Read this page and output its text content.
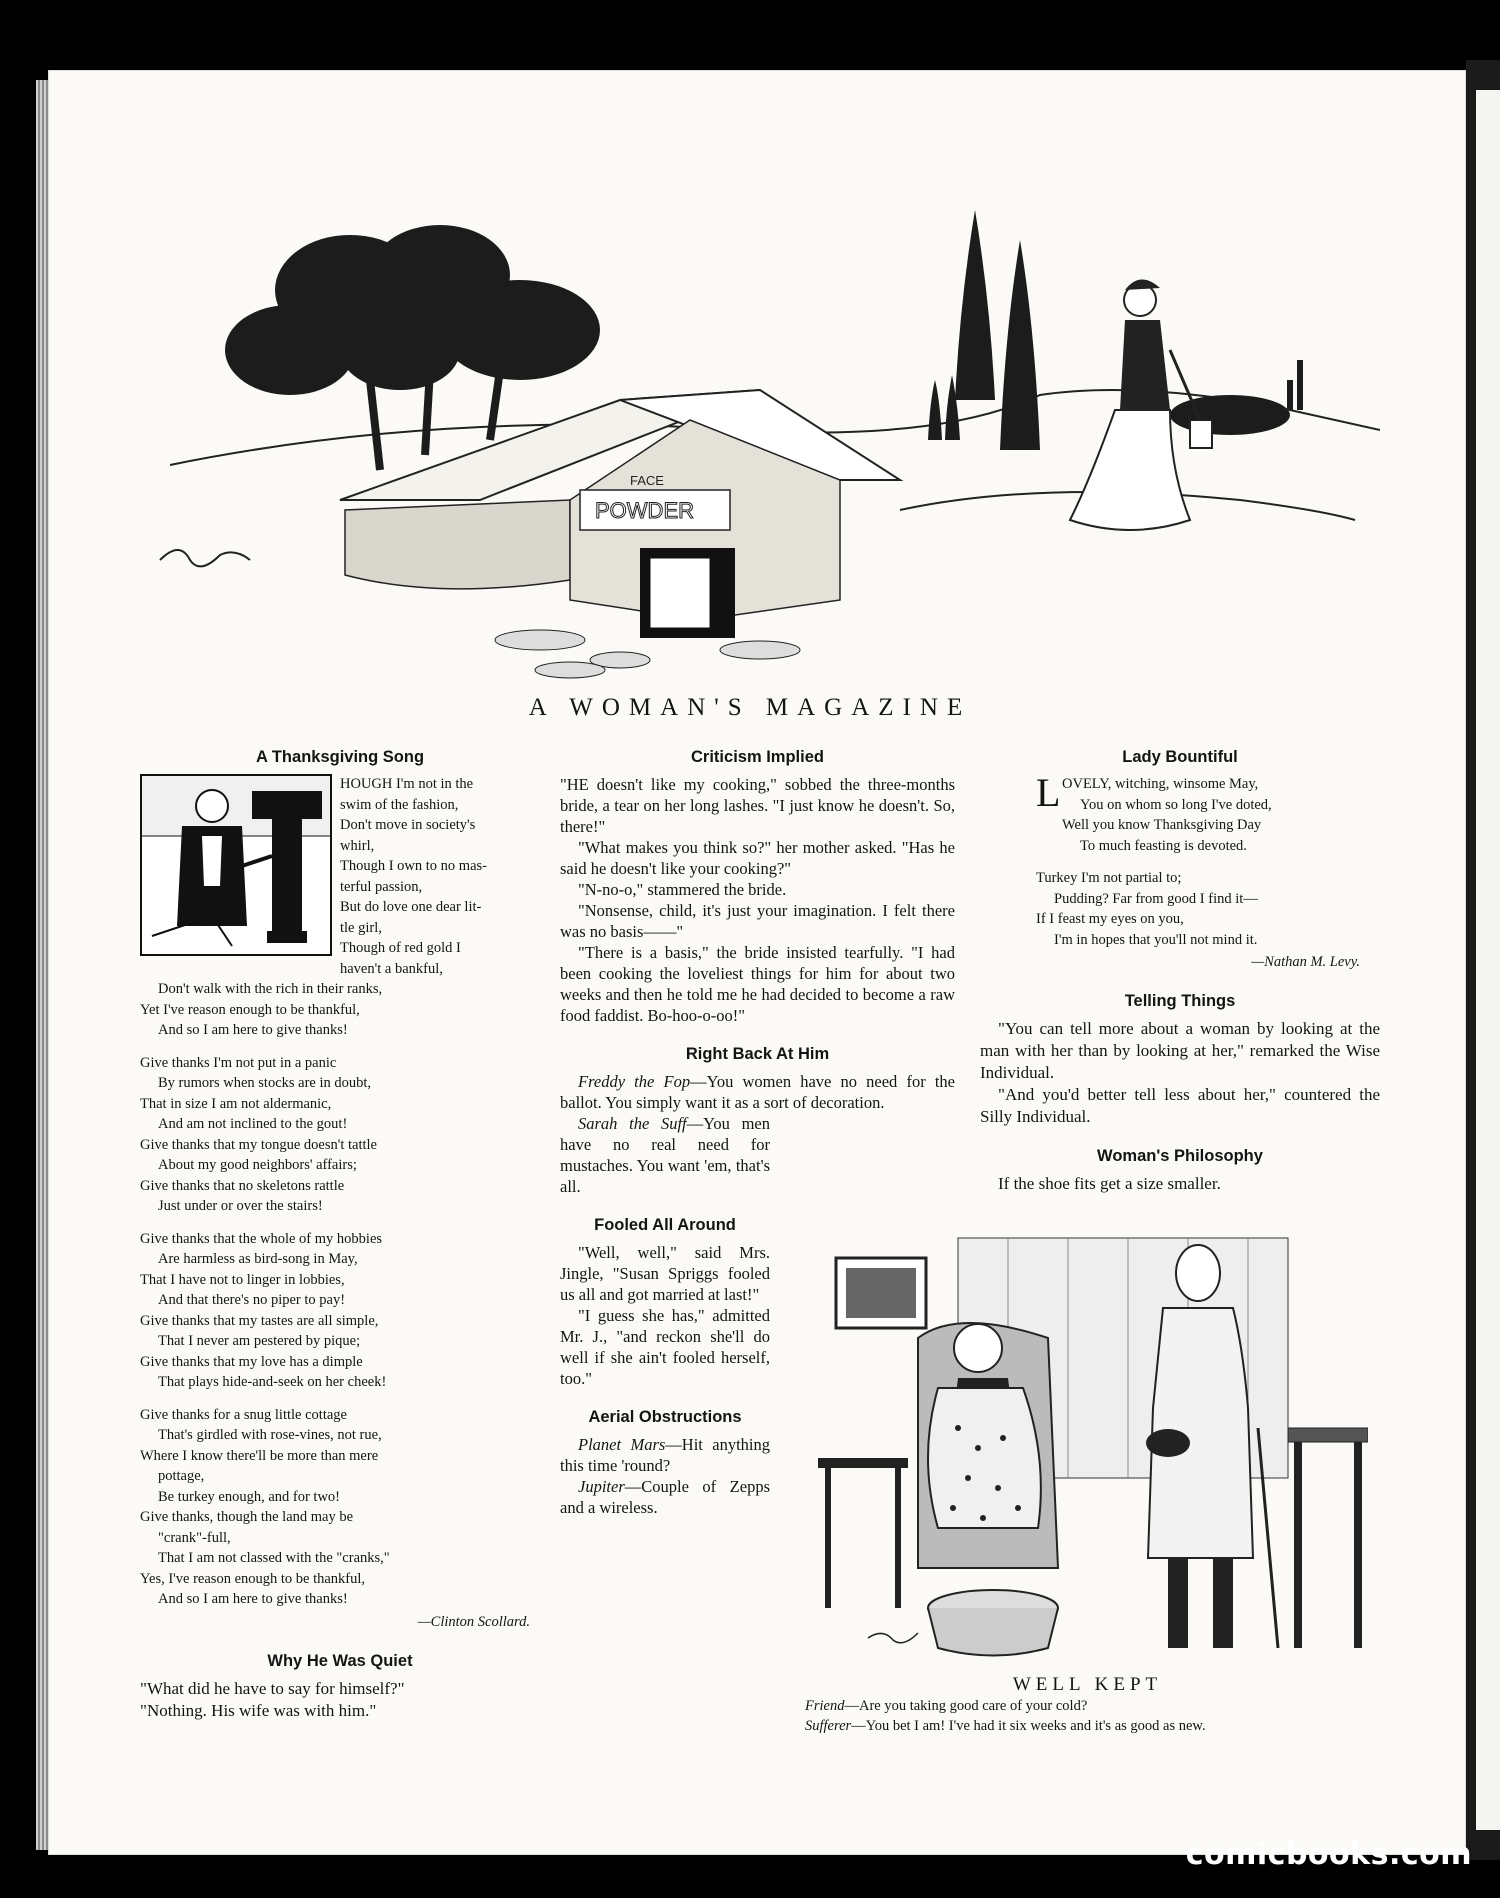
FACE
POWDER
A WOMAN'S MAGAZINE
A Thanksgiving Song

HOUGH I'm not in the

swim of the fashion,

Don't move in society's

whirl,

Though I own to no mas-

terful passion,

But do love one dear lit-

tle girl,

Though of red gold I

haven't a bankful,

Don't walk with the rich in their ranks,

Yet I've reason enough to be thankful,

And so I am here to give thanks!

Give thanks I'm not put in a panic

By rumors when stocks are in doubt,

That in size I am not aldermanic,

And am not inclined to the gout!

Give thanks that my tongue doesn't tattle

About my good neighbors' affairs;

Give thanks that no skeletons rattle

Just under or over the stairs!

Give thanks that the whole of my hobbies

Are harmless as bird-song in May,

That I have not to linger in lobbies,

And that there's no piper to pay!

Give thanks that my tastes are all simple,

That I never am pestered by pique;

Give thanks that my love has a dimple

That plays hide-and-seek on her cheek!

Give thanks for a snug little cottage

That's girdled with rose-vines, not rue,

Where I know there'll be more than mere

pottage,

Be turkey enough, and for two!

Give thanks, though the land may be

"crank"-full,

That I am not classed with the "cranks,"

Yes, I've reason enough to be thankful,

And so I am here to give thanks!

—Clinton Scollard.

Why He Was Quiet

"What did he have to say for himself?"

"Nothing. His wife was with him."

Criticism Implied

"HE doesn't like my cooking," sobbed the three-months bride, a tear on her long lashes. "I just know he doesn't. So, there!"

"What makes you think so?" her mother asked. "Has he said he doesn't like your cooking?"

"N-no-o," stammered the bride.

"Nonsense, child, it's just your imagination. I felt there was no basis——"

"There is a basis," the bride insisted tearfully. "I had been cooking the loveliest things for him for about two weeks and then he told me he had decided to become a raw food faddist. Bo-hoo-o-oo!"

Right Back At Him

Freddy the Fop—You women have no need for the ballot. You simply want it as a sort of decoration.

Sarah the Suff—You men have no real need for mustaches. You want 'em, that's all.

Fooled All Around

"Well, well," said Mrs. Jingle, "Susan Spriggs fooled us all and got married at last!"

"I guess she has," admitted Mr. J., "and reckon she'll do well if she ain't fooled herself, too."

Aerial Obstructions

Planet Mars—Hit anything this time 'round?

Jupiter—Couple of Zepps and a wireless.

Lady Bountiful
L OVELY, witching, winsome May,

You on whom so long I've doted,

Well you know Thanksgiving Day

To much feasting is devoted.

Turkey I'm not partial to;

Pudding? Far from good I find it—

If I feast my eyes on you,

I'm in hopes that you'll not mind it.

—Nathan M. Levy.

Telling Things

"You can tell more about a woman by looking at the man with her than by looking at her," remarked the Wise Individual.

"And you'd better tell less about her," countered the Silly Individual.

Woman's Philosophy

If the shoe fits get a size smaller.

WELL KEPT

Friend—Are you taking good care of your cold?

Sufferer—You bet I am! I've had it six weeks and it's as good as new.

comicbooks.com
